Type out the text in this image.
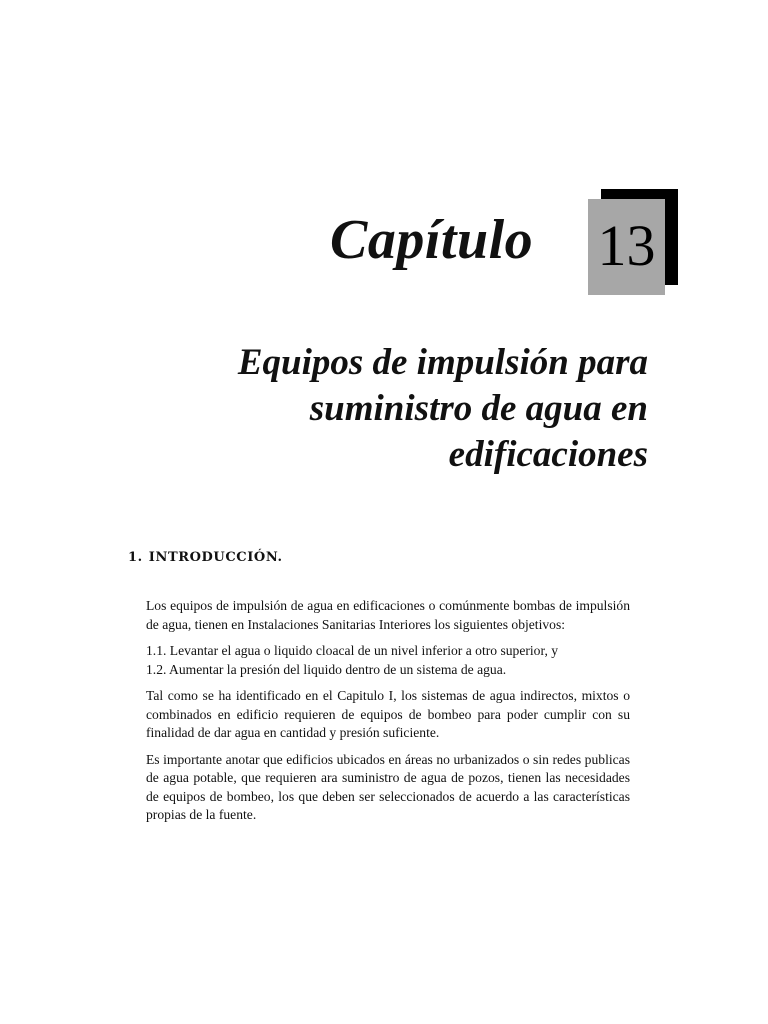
Capítulo 13
Equipos de impulsión para
suministro de agua en
edificaciones
1. INTRODUCCIÓN.

Los equipos de impulsión de agua en edificaciones o comúnmente bombas de impulsión de agua, tienen en Instalaciones Sanitarias Interiores los siguientes objetivos:

1.1. Levantar el agua o liquido cloacal de un nivel inferior a otro superior, y

1.2. Aumentar la presión del liquido dentro de un sistema de agua.

Tal como se ha identificado en el Capitulo I, los sistemas de agua indirectos, mixtos o combinados en edificio requieren de equipos de bombeo para poder cumplir con su finalidad de dar agua en cantidad y presión suficiente.

Es importante anotar que edificios ubicados en áreas no urbanizados o sin redes publicas de agua potable, que requieren ara suministro de agua de pozos, tienen las necesidades de equipos de bombeo, los que deben ser seleccionados de acuerdo a las características propias de la fuente.
